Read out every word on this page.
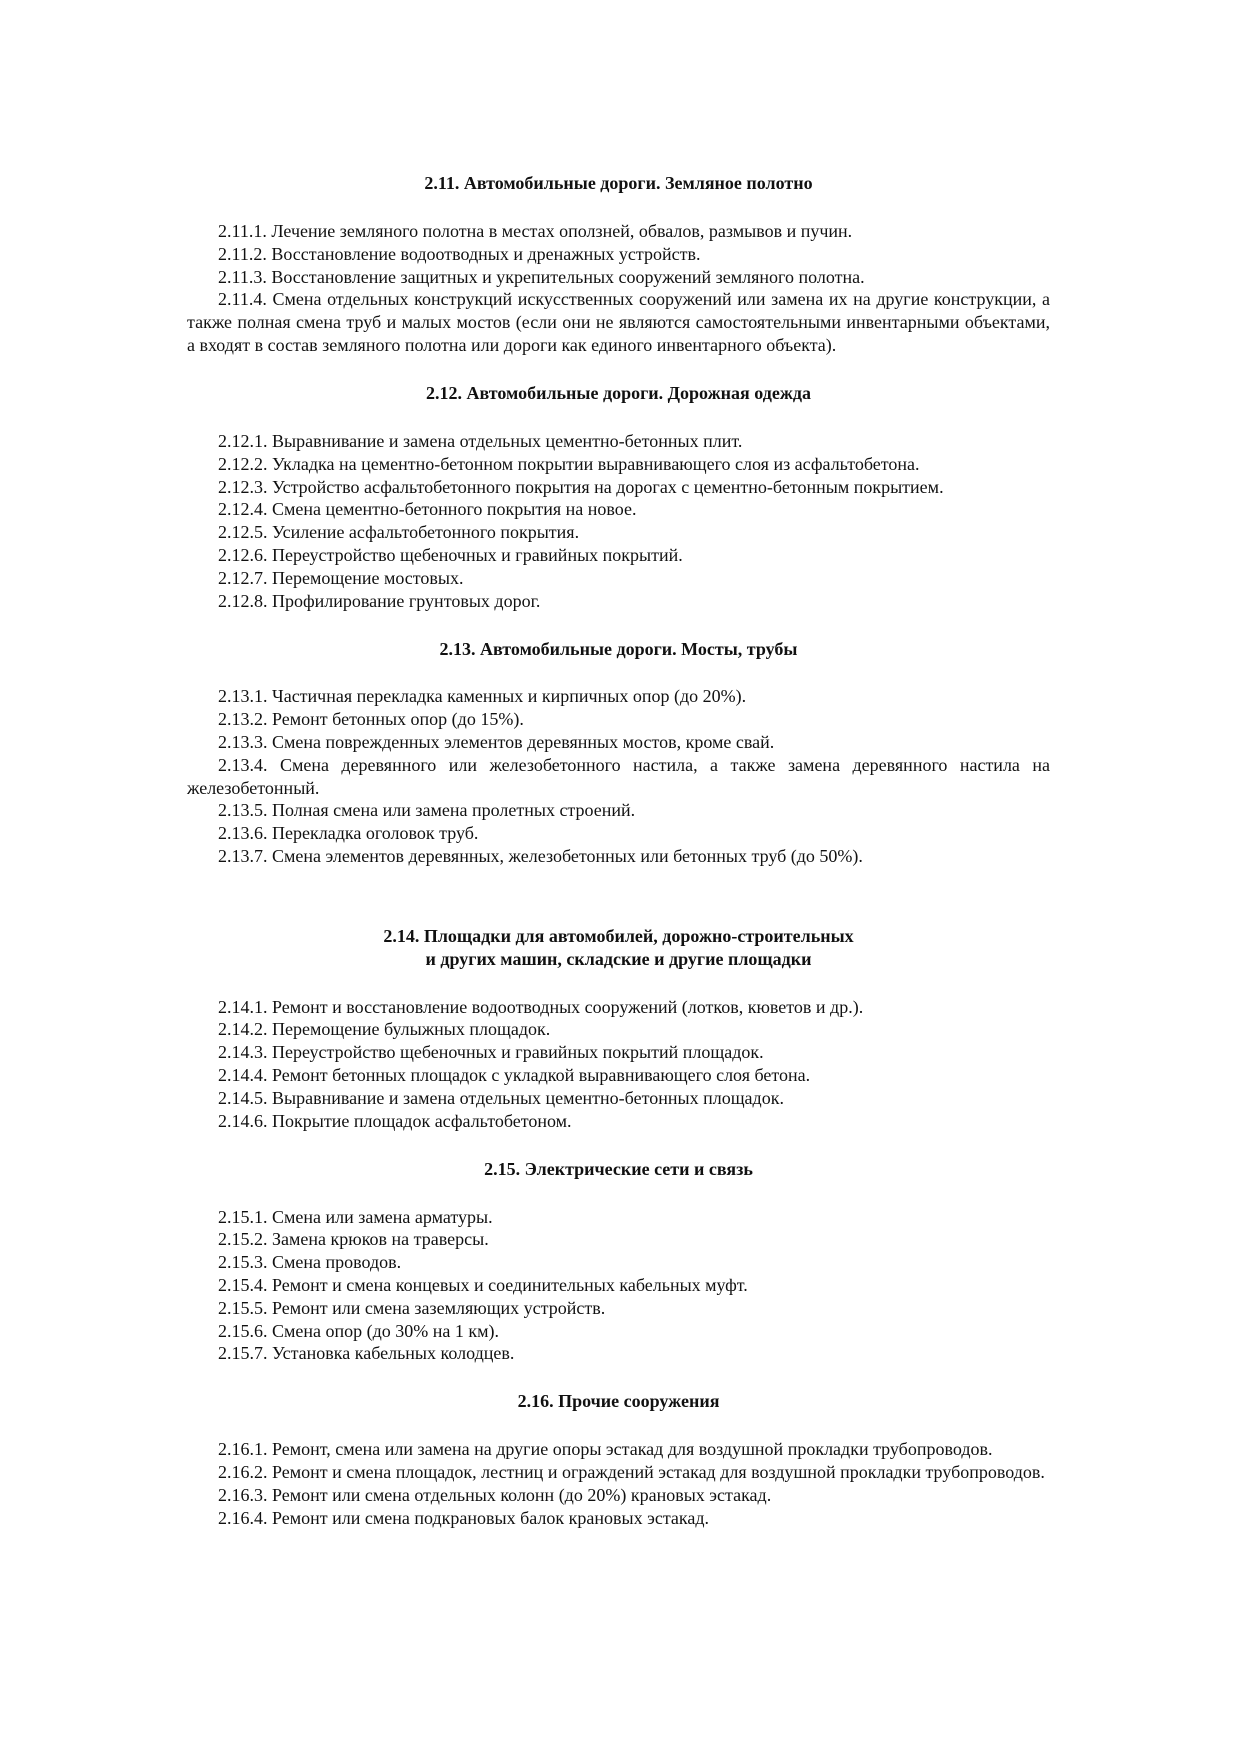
2.11. Автомобильные дороги. Земляное полотно

2.11.1. Лечение земляного полотна в местах оползней, обвалов, размывов и пучин.

2.11.2. Восстановление водоотводных и дренажных устройств.

2.11.3. Восстановление защитных и укрепительных сооружений земляного полотна.

2.11.4. Смена отдельных конструкций искусственных сооружений или замена их на другие конструкции, а также полная смена труб и малых мостов (если они не являются самостоятельными инвентарными объектами, а входят в состав земляного полотна или дороги как единого инвентарного объекта).

2.12. Автомобильные дороги. Дорожная одежда

2.12.1. Выравнивание и замена отдельных цементно-бетонных плит.

2.12.2. Укладка на цементно-бетонном покрытии выравнивающего слоя из асфальтобетона.

2.12.3. Устройство асфальтобетонного покрытия на дорогах с цементно-бетонным покрытием.

2.12.4. Смена цементно-бетонного покрытия на новое.

2.12.5. Усиление асфальтобетонного покрытия.

2.12.6. Переустройство щебеночных и гравийных покрытий.

2.12.7. Перемощение мостовых.

2.12.8. Профилирование грунтовых дорог.

2.13. Автомобильные дороги. Мосты, трубы

2.13.1. Частичная перекладка каменных и кирпичных опор (до 20%).

2.13.2. Ремонт бетонных опор (до 15%).

2.13.3. Смена поврежденных элементов деревянных мостов, кроме свай.

2.13.4. Смена деревянного или железобетонного настила, а также замена деревянного настила на железобетонный.

2.13.5. Полная смена или замена пролетных строений.

2.13.6. Перекладка оголовок труб.

2.13.7. Смена элементов деревянных, железобетонных или бетонных труб (до 50%).

2.14. Площадки для автомобилей, дорожно-строительных
и других машин, складские и другие площадки

2.14.1. Ремонт и восстановление водоотводных сооружений (лотков, кюветов и др.).

2.14.2. Перемощение булыжных площадок.

2.14.3. Переустройство щебеночных и гравийных покрытий площадок.

2.14.4. Ремонт бетонных площадок с укладкой выравнивающего слоя бетона.

2.14.5. Выравнивание и замена отдельных цементно-бетонных площадок.

2.14.6. Покрытие площадок асфальтобетоном.

2.15. Электрические сети и связь

2.15.1. Смена или замена арматуры.

2.15.2. Замена крюков на траверсы.

2.15.3. Смена проводов.

2.15.4. Ремонт и смена концевых и соединительных кабельных муфт.

2.15.5. Ремонт или смена заземляющих устройств.

2.15.6. Смена опор (до 30% на 1 км).

2.15.7. Установка кабельных колодцев.

2.16. Прочие сооружения

2.16.1. Ремонт, смена или замена на другие опоры эстакад для воздушной прокладки трубопроводов.

2.16.2. Ремонт и смена площадок, лестниц и ограждений эстакад для воздушной прокладки трубопроводов.

2.16.3. Ремонт или смена отдельных колонн (до 20%) крановых эстакад.

2.16.4. Ремонт или смена подкрановых балок крановых эстакад.
